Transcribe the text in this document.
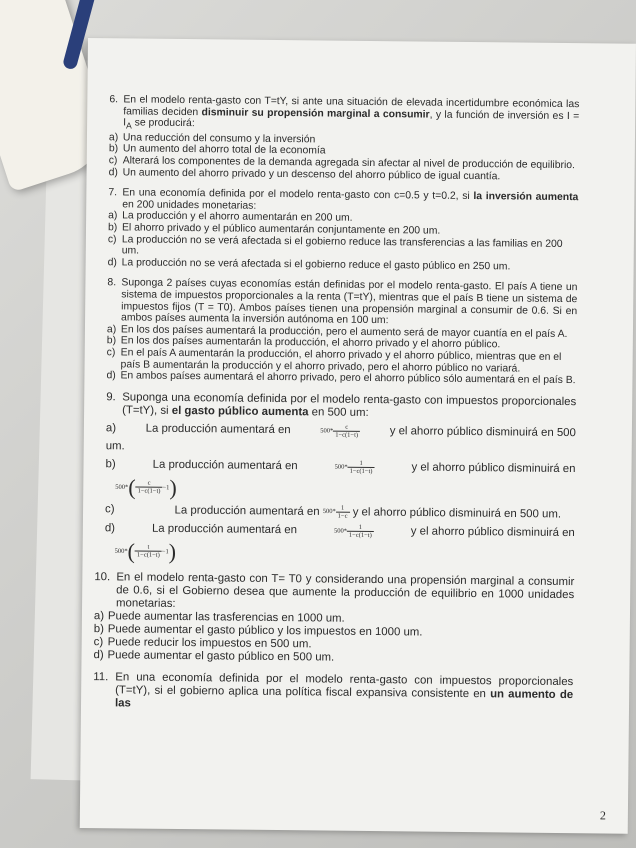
6. En el modelo renta-gasto con T=tY, si ante una situación de elevada incertidumbre económica las familias deciden disminuir su propensión marginal a consumir, y la función de inversión es $I = I_A$ se producirá:
a) Una reducción del consumo y la inversión
b) Un aumento del ahorro total de la economía
c) Alterará los componentes de la demanda agregada sin afectar al nivel de producción de equilibrio.
d) Un aumento del ahorro privado y un descenso del ahorro público de igual cuantía.
7. En una economía definida por el modelo renta-gasto con c=0.5 y t=0.2, si la inversión aumenta en 200 unidades monetarias:
a) La producción y el ahorro aumentarán en 200 um.
b) El ahorro privado y el público aumentarán conjuntamente en 200 um.
c) La producción no se verá afectada si el gobierno reduce las transferencias a las familias en 200 um.
d) La producción no se verá afectada si el gobierno reduce el gasto público en 250 um.
8. Suponga 2 países cuyas economías están definidas por el modelo renta-gasto. El país A tiene un sistema de impuestos proporcionales a la renta (T=tY), mientras que el país B tiene un sistema de impuestos fijos (T = T0). Ambos países tienen una propensión marginal a consumir de 0.6. Si en ambos países aumenta la inversión autónoma en 100 um:
a) En los dos países aumentará la producción, pero el aumento será de mayor cuantía en el país A.
b) En los dos países aumentarán la producción, el ahorro privado y el ahorro público.
c) En el país A aumentarán la producción, el ahorro privado y el ahorro público, mientras que en el país B aumentarán la producción y el ahorro privado, pero el ahorro público no variará.
d) En ambos países aumentará el ahorro privado, pero el ahorro público sólo aumentará en el país B.
9. Suponga una economía definida por el modelo renta-gasto con impuestos proporcionales (T=tY), si el gasto público aumenta en 500 um:
a)	La producción aumentará en	$500* \frac{c}{1-c(1-t)}$	y el ahorro público disminuirá en 500
um.
b)	La producción aumentará en	$500* \frac{1}{1-c(1-t)}$	y el ahorro público disminuirá en
$500*( \frac{c}{1-c(1-t)} -1)$
c)	La producción aumentará en $500* \frac{1}{1-c}$ y el ahorro público disminuirá en 500 um.
d)	La producción aumentará en	$500* \frac{1}{1-c(1-t)}$	y el ahorro público disminuirá en
$500*( \frac{t}{1-c(1-t)} -1)$
10. En el modelo renta-gasto con T= T0 y considerando una propensión marginal a consumir de 0.6, si el Gobierno desea que aumente la producción de equilibrio en 1000 unidades monetarias:
a) Puede aumentar las trasferencias en 1000 um.
b) Puede aumentar el gasto público y los impuestos en 1000 um.
c) Puede reducir los impuestos en 500 um.
d) Puede aumentar el gasto público en 500 um.
11. En una economía definida por el modelo renta-gasto con impuestos proporcionales (T=tY), si el gobierno aplica una política fiscal expansiva consistente en un aumento de las
2
